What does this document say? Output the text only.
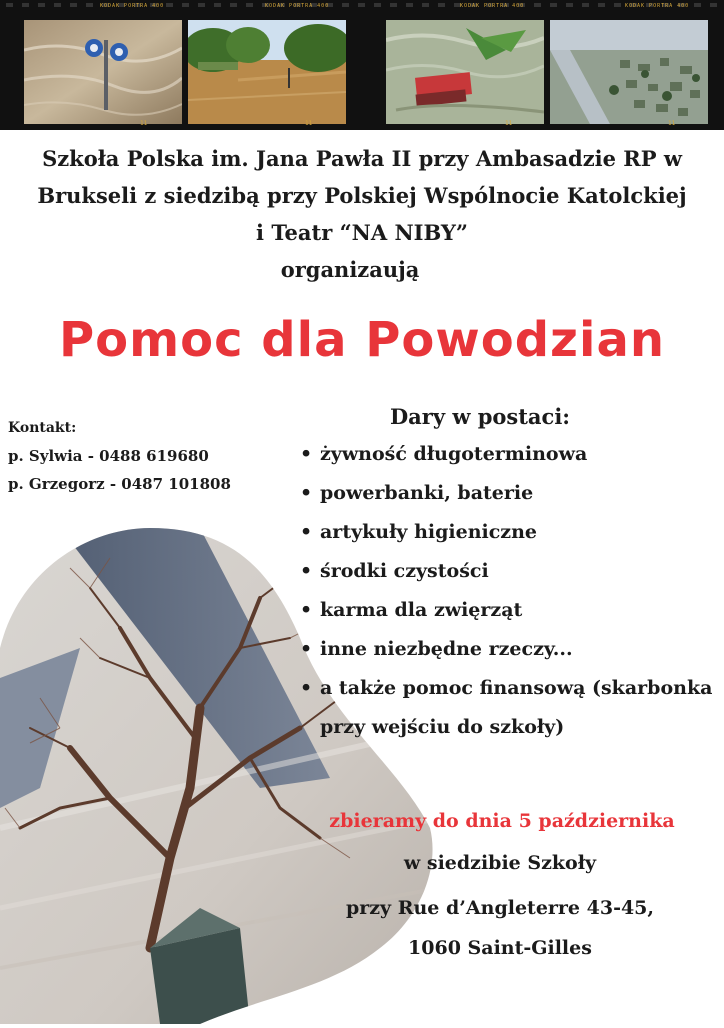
KODAK PORTRA 400	KODAK PORTRA 400	KODAK PORTRA 400	KODAK PORTRA 400
11	11	11	11
Szkoła Polska im. Jana Pawła II przy Ambasadzie RP w
Brukseli z siedzibą przy Polskiej Wspólnocie Katolckiej
i Teatr “NA NIBY”
organizaują
Pomoc dla Powodzian
Kontakt:
p. Sylwia - 0488 619680
p. Grzegorz - 0487 101808
Dary w postaci:
• żywność długoterminowa
• powerbanki, baterie
• artykuły higieniczne
• środki czystości
• karma dla zwięrząt
• inne niezbędne rzeczy...
• a także pomoc finansową (skarbonka przy wejściu do szkoły)
zbieramy do dnia 5 października
w siedzibie Szkoły
przy Rue d’Angleterre 43-45,
1060 Saint-Gilles
